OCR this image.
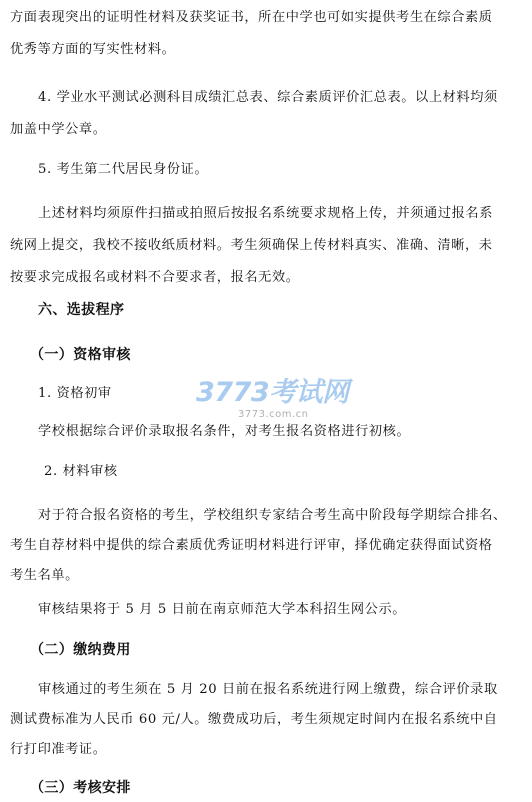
方面表现突出的证明性材料及获奖证书，所在中学也可如实提供考生在综合素质
优秀等方面的写实性材料。
4. 学业水平测试必测科目成绩汇总表、综合素质评价汇总表。以上材料均须
加盖中学公章。
5. 考生第二代居民身份证。
上述材料均须原件扫描或拍照后按报名系统要求规格上传，并须通过报名系
统网上提交，我校不接收纸质材料。考生须确保上传材料真实、准确、清晰，未
按要求完成报名或材料不合要求者，报名无效。
六、选拔程序
（一）资格审核
1. 资格初审
学校根据综合评价录取报名条件，对考生报名资格进行初核。
2. 材料审核
对于符合报名资格的考生，学校组织专家结合考生高中阶段每学期综合排名、
考生自荐材料中提供的综合素质优秀证明材料进行评审，择优确定获得面试资格
考生名单。
审核结果将于 5 月 5 日前在南京师范大学本科招生网公示。
（二）缴纳费用
审核通过的考生须在 5 月 20 日前在报名系统进行网上缴费，综合评价录取
测试费标准为人民币 60 元/人。缴费成功后，考生须规定时间内在报名系统中自
行打印准考证。
（三）考核安排
3773考试网
3773.com.cn
